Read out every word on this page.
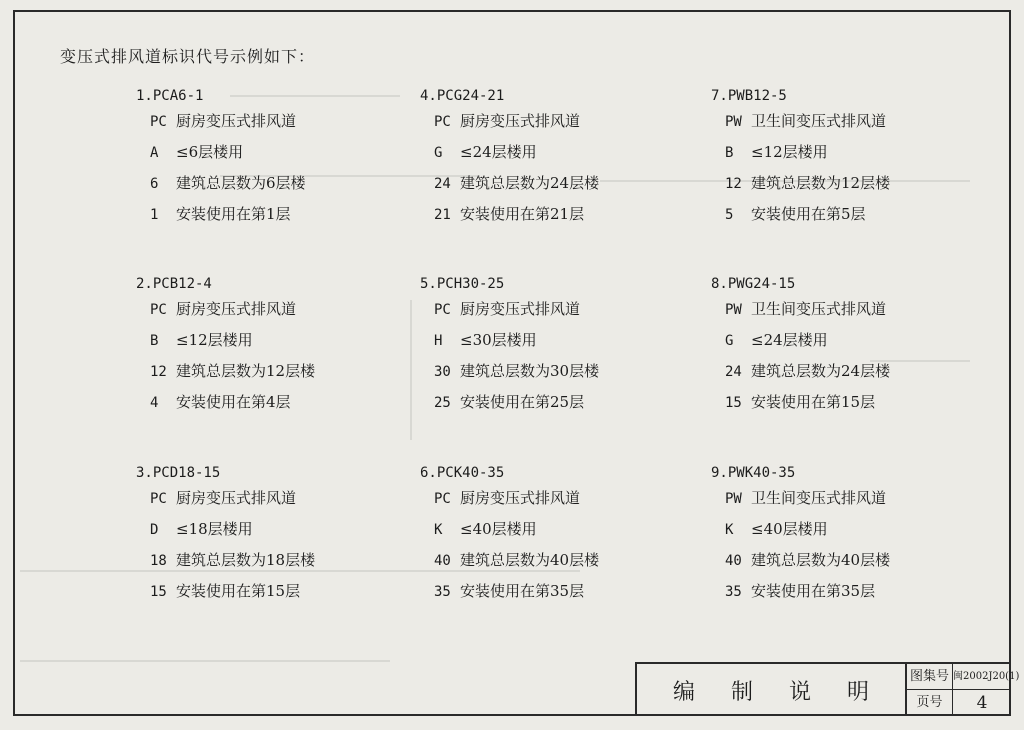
变压式排风道标识代号示例如下：
1.PCA6-1
PC 厨房变压式排风道
A ≤6层楼用
6 建筑总层数为6层楼
1 安装使用在第1层
2.PCB12-4
PC 厨房变压式排风道
B ≤12层楼用
12 建筑总层数为12层楼
4 安装使用在第4层
3.PCD18-15
PC 厨房变压式排风道
D ≤18层楼用
18 建筑总层数为18层楼
15 安装使用在第15层
4.PCG24-21
PC 厨房变压式排风道
G ≤24层楼用
24 建筑总层数为24层楼
21 安装使用在第21层
5.PCH30-25
PC 厨房变压式排风道
H ≤30层楼用
30 建筑总层数为30层楼
25 安装使用在第25层
6.PCK40-35
PC 厨房变压式排风道
K ≤40层楼用
40 建筑总层数为40层楼
35 安装使用在第35层
7.PWB12-5
PW 卫生间变压式排风道
B ≤12层楼用
12 建筑总层数为12层楼
5 安装使用在第5层
8.PWG24-15
PW 卫生间变压式排风道
G ≤24层楼用
24 建筑总层数为24层楼
15 安装使用在第15层
9.PWK40-35
PW 卫生间变压式排风道
K ≤40层楼用
40 建筑总层数为40层楼
35 安装使用在第35层
编 制 说 明
图集号 闽2002J20(1)
页号	4
